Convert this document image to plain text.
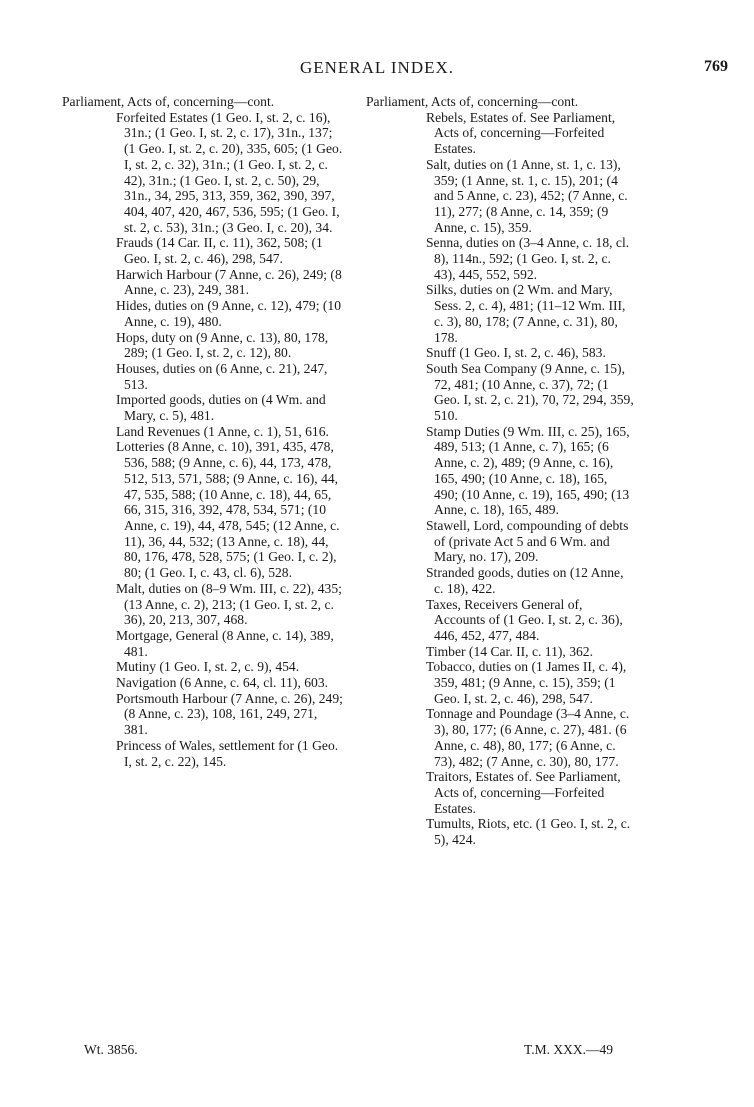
GENERAL INDEX.	769
Parliament, Acts of, concerning—cont.

Forfeited Estates (1 Geo. I, st. 2, c. 16), 31n.; (1 Geo. I, st. 2, c. 17), 31n., 137; (1 Geo. I, st. 2, c. 20), 335, 605; (1 Geo. I, st. 2, c. 32), 31n.; (1 Geo. I, st. 2, c. 42), 31n.; (1 Geo. I, st. 2, c. 50), 29, 31n., 34, 295, 313, 359, 362, 390, 397, 404, 407, 420, 467, 536, 595; (1 Geo. I, st. 2, c. 53), 31n.; (3 Geo. I, c. 20), 34.

Frauds (14 Car. II, c. 11), 362, 508; (1 Geo. I, st. 2, c. 46), 298, 547.

Harwich Harbour (7 Anne, c. 26), 249; (8 Anne, c. 23), 249, 381.

Hides, duties on (9 Anne, c. 12), 479; (10 Anne, c. 19), 480.

Hops, duty on (9 Anne, c. 13), 80, 178, 289; (1 Geo. I, st. 2, c. 12), 80.

Houses, duties on (6 Anne, c. 21), 247, 513.

Imported goods, duties on (4 Wm. and Mary, c. 5), 481.

Land Revenues (1 Anne, c. 1), 51, 616.

Lotteries (8 Anne, c. 10), 391, 435, 478, 536, 588; (9 Anne, c. 6), 44, 173, 478, 512, 513, 571, 588; (9 Anne, c. 16), 44, 47, 535, 588; (10 Anne, c. 18), 44, 65, 66, 315, 316, 392, 478, 534, 571; (10 Anne, c. 19), 44, 478, 545; (12 Anne, c. 11), 36, 44, 532; (13 Anne, c. 18), 44, 80, 176, 478, 528, 575; (1 Geo. I, c. 2), 80; (1 Geo. I, c. 43, cl. 6), 528.

Malt, duties on (8–9 Wm. III, c. 22), 435; (13 Anne, c. 2), 213; (1 Geo. I, st. 2, c. 36), 20, 213, 307, 468.

Mortgage, General (8 Anne, c. 14), 389, 481.

Mutiny (1 Geo. I, st. 2, c. 9), 454.

Navigation (6 Anne, c. 64, cl. 11), 603.

Portsmouth Harbour (7 Anne, c. 26), 249; (8 Anne, c. 23), 108, 161, 249, 271, 381.

Princess of Wales, settlement for (1 Geo. I, st. 2, c. 22), 145.

Parliament, Acts of, concerning—cont.

Rebels, Estates of. See Parliament, Acts of, concerning—Forfeited Estates.

Salt, duties on (1 Anne, st. 1, c. 13), 359; (1 Anne, st. 1, c. 15), 201; (4 and 5 Anne, c. 23), 452; (7 Anne, c. 11), 277; (8 Anne, c. 14, 359; (9 Anne, c. 15), 359.

Senna, duties on (3–4 Anne, c. 18, cl. 8), 114n., 592; (1 Geo. I, st. 2, c. 43), 445, 552, 592.

Silks, duties on (2 Wm. and Mary, Sess. 2, c. 4), 481; (11–12 Wm. III, c. 3), 80, 178; (7 Anne, c. 31), 80, 178.

Snuff (1 Geo. I, st. 2, c. 46), 583.

South Sea Company (9 Anne, c. 15), 72, 481; (10 Anne, c. 37), 72; (1 Geo. I, st. 2, c. 21), 70, 72, 294, 359, 510.

Stamp Duties (9 Wm. III, c. 25), 165, 489, 513; (1 Anne, c. 7), 165; (6 Anne, c. 2), 489; (9 Anne, c. 16), 165, 490; (10 Anne, c. 18), 165, 490; (10 Anne, c. 19), 165, 490; (13 Anne, c. 18), 165, 489.

Stawell, Lord, compounding of debts of (private Act 5 and 6 Wm. and Mary, no. 17), 209.

Stranded goods, duties on (12 Anne, c. 18), 422.

Taxes, Receivers General of, Accounts of (1 Geo. I, st. 2, c. 36), 446, 452, 477, 484.

Timber (14 Car. II, c. 11), 362.

Tobacco, duties on (1 James II, c. 4), 359, 481; (9 Anne, c. 15), 359; (1 Geo. I, st. 2, c. 46), 298, 547.

Tonnage and Poundage (3–4 Anne, c. 3), 80, 177; (6 Anne, c. 27), 481. (6 Anne, c. 48), 80, 177; (6 Anne, c. 73), 482; (7 Anne, c. 30), 80, 177.

Traitors, Estates of. See Parliament, Acts of, concerning—Forfeited Estates.

Tumults, Riots, etc. (1 Geo. I, st. 2, c. 5), 424.

Wt. 3856.	T.M. XXX.—49
